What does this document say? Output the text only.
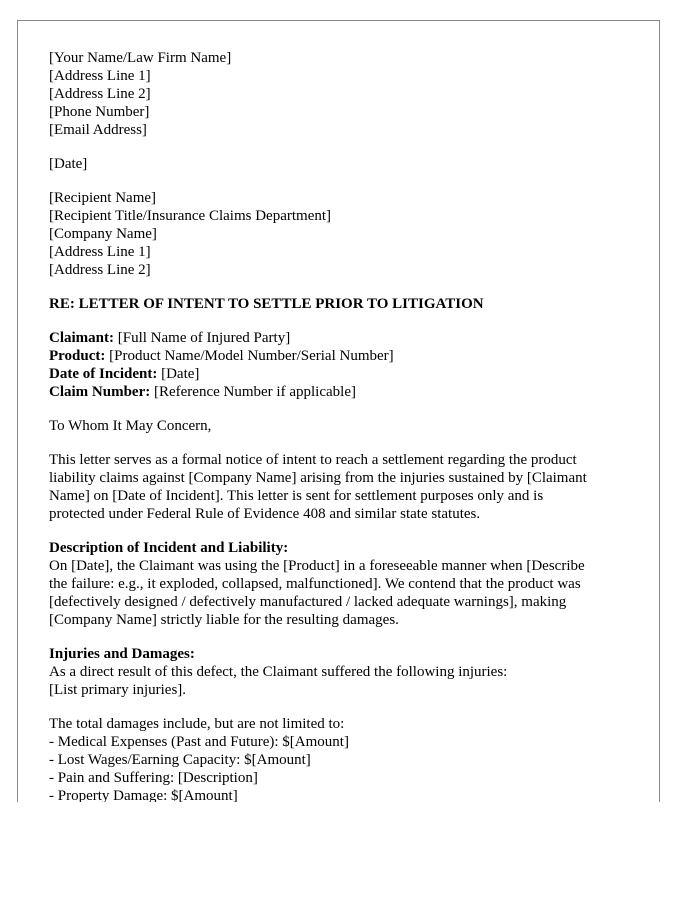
[Your Name/Law Firm Name]
[Address Line 1]
[Address Line 2]
[Phone Number]
[Email Address]
[Date]
[Recipient Name]
[Recipient Title/Insurance Claims Department]
[Company Name]
[Address Line 1]
[Address Line 2]
RE: LETTER OF INTENT TO SETTLE PRIOR TO LITIGATION
Claimant: [Full Name of Injured Party]
Product: [Product Name/Model Number/Serial Number]
Date of Incident: [Date]
Claim Number: [Reference Number if applicable]
To Whom It May Concern,
This letter serves as a formal notice of intent to reach a settlement regarding the product
liability claims against [Company Name] arising from the injuries sustained by [Claimant
Name] on [Date of Incident]. This letter is sent for settlement purposes only and is
protected under Federal Rule of Evidence 408 and similar state statutes.
Description of Incident and Liability:
On [Date], the Claimant was using the [Product] in a foreseeable manner when [Describe
the failure: e.g., it exploded, collapsed, malfunctioned]. We contend that the product was
[defectively designed / defectively manufactured / lacked adequate warnings], making
[Company Name] strictly liable for the resulting damages.
Injuries and Damages:
As a direct result of this defect, the Claimant suffered the following injuries:
[List primary injuries].
The total damages include, but are not limited to:
- Medical Expenses (Past and Future): $[Amount]
- Lost Wages/Earning Capacity: $[Amount]
- Pain and Suffering: [Description]
- Property Damage: $[Amount]
